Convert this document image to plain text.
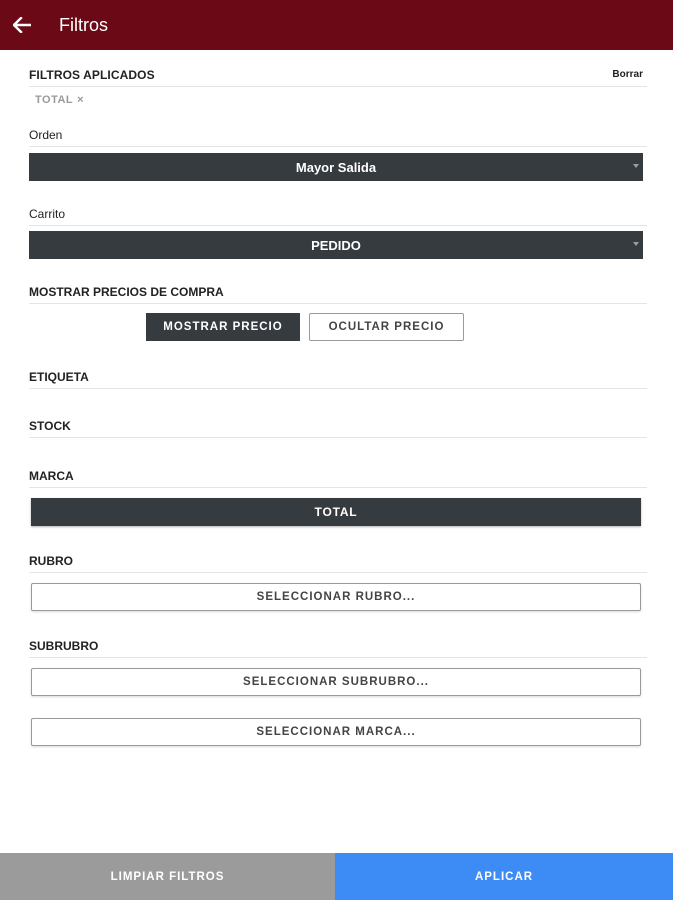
Filtros
FILTROS APLICADOS	Borrar
TOTAL ×
Orden
Mayor Salida
Carrito
PEDIDO
MOSTRAR PRECIOS DE COMPRA
ETIQUETA
STOCK
MARCA
TOTAL
RUBRO
SELECCIONAR RUBRO...
SUBRUBRO
SELECCIONAR SUBRUBRO...
SELECCIONAR MARCA...
MOSTRAR PRECIO	OCULTAR PRECIO
LIMPIAR FILTROS	APLICAR
